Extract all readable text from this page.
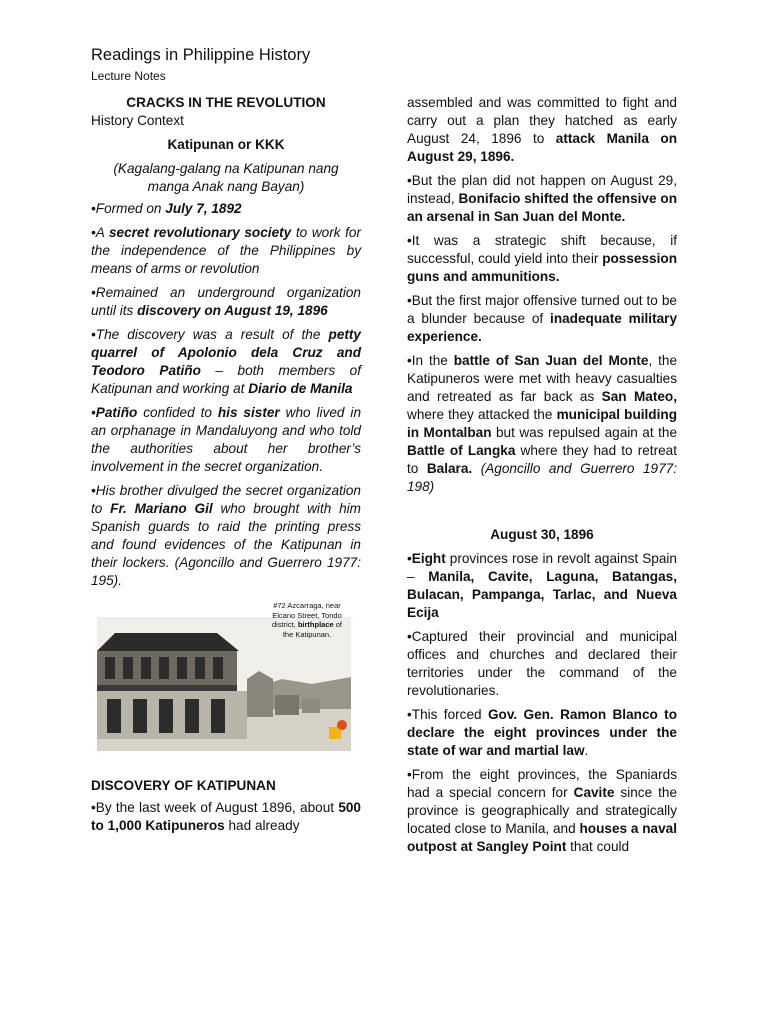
Readings in Philippine History
Lecture Notes

CRACKS IN THE REVOLUTION

History Context

Katipunan or KKK

(Kagalang-galang na Katipunan nang manga Anak nang Bayan)

•Formed on July 7, 1892

•A secret revolutionary society to work for the independence of the Philippines by means of arms or revolution

•Remained an underground organization until its discovery on August 19, 1896

•The discovery was a result of the petty quarrel of Apolonio dela Cruz and Teodoro Patiño – both members of Katipunan and working at Diario de Manila

•Patiño confided to his sister who lived in an orphanage in Mandaluyong and who told the authorities about her brother’s involvement in the secret organization.

•His brother divulged the secret organization to Fr. Mariano Gil who brought with him Spanish guards to raid the printing press and found evidences of the Katipunan in their lockers. (Agoncillo and Guerrero 1977: 195).

#72 Azcarraga, near Elcano Street, Tondo district, birthplace of the Katipunan.

DISCOVERY OF KATIPUNAN

•By the last week of August 1896, about 500 to 1,000 Katipuneros had already

assembled and was committed to fight and carry out a plan they hatched as early August 24, 1896 to attack Manila on August 29, 1896.

•But the plan did not happen on August 29, instead, Bonifacio shifted the offensive on an arsenal in San Juan del Monte.

•It was a strategic shift because, if successful, could yield into their possession guns and ammunitions.

•But the first major offensive turned out to be a blunder because of inadequate military experience.

•In the battle of San Juan del Monte, the Katipuneros were met with heavy casualties and retreated as far back as San Mateo, where they attacked the municipal building in Montalban but was repulsed again at the Battle of Langka where they had to retreat to Balara. (Agoncillo and Guerrero 1977: 198)

August 30, 1896

•Eight provinces rose in revolt against Spain – Manila, Cavite, Laguna, Batangas, Bulacan, Pampanga, Tarlac, and Nueva Ecija

•Captured their provincial and municipal offices and churches and declared their territories under the command of the revolutionaries.

•This forced Gov. Gen. Ramon Blanco to declare the eight provinces under the state of war and martial law.

•From the eight provinces, the Spaniards had a special concern for Cavite since the province is geographically and strategically located close to Manila, and houses a naval outpost at Sangley Point that could
